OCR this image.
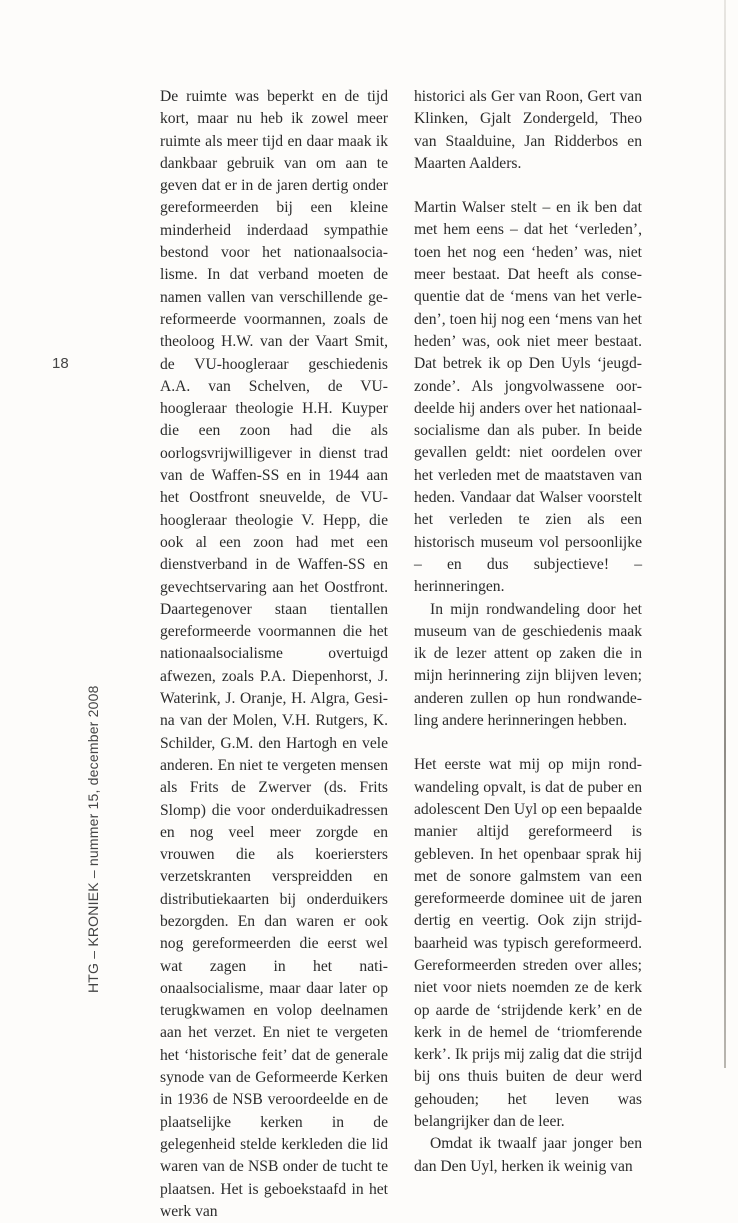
18
HTG – KRONIEK – nummer 15, december 2008

De ruimte was beperkt en de tijd kort, maar nu heb ik zowel meer ruimte als meer tijd en daar maak ik dankbaar gebruik van om aan te geven dat er in de jaren dertig onder gereformeerden bij een kleine minderheid inderdaad sympathie bestond voor het nationaalsocialisme. In dat verband moeten de namen vallen van verschillende gereformeerde voormannen, zoals de theoloog H.W. van der Vaart Smit, de VU-hoogleraar geschiedenis A.A. van Schelven, de VU-hoogleraar theologie H.H. Kuyper die een zoon had die als oorlogsvrijwilligever in dienst trad van de Waffen-SS en in 1944 aan het Oostfront sneuvelde, de VU-hoogleraar theologie V. Hepp, die ook al een zoon had met een dienstverband in de Waffen-SS en gevechtservaring aan het Oostfront. Daartegenover staan tientallen gereformeerde voormannen die het nationaalsocialisme overtuigd afwezen, zoals P.A. Diepenhorst, J. Waterink, J. Oranje, H. Algra, Gesina van der Molen, V.H. Rutgers, K. Schilder, G.M. den Hartogh en vele anderen. En niet te vergeten mensen als Frits de Zwerver (ds. Frits Slomp) die voor onderduikadressen en nog veel meer zorgde en vrouwen die als koeriersters verzetskranten verspreidden en distributiekaarten bij onderduikers bezorgden. En dan waren er ook nog gereformeerden die eerst wel wat zagen in het nationaalsocialisme, maar daar later op terugkwamen en volop deelnamen aan het verzet. En niet te vergeten het ‘historische feit’ dat de generale synode van de Geformeerde Kerken in 1936 de NSB veroordeelde en de plaatselijke kerken in de gelegenheid stelde kerkleden die lid waren van de NSB onder de tucht te plaatsen. Het is geboekstaafd in het werk van

historici als Ger van Roon, Gert van Klinken, Gjalt Zondergeld, Theo van Staalduine, Jan Ridderbos en Maarten Aalders.

Martin Walser stelt – en ik ben dat met hem eens – dat het ‘verleden’, toen het nog een ‘heden’ was, niet meer bestaat. Dat heeft als consequentie dat de ‘mens van het verleden’, toen hij nog een ‘mens van het heden’ was, ook niet meer bestaat. Dat betrek ik op Den Uyls ‘jeugdzonde’. Als jongvolwassene oordeelde hij anders over het nationaalsocialisme dan als puber. In beide gevallen geldt: niet oordelen over het verleden met de maatstaven van heden. Vandaar dat Walser voorstelt het verleden te zien als een historisch museum vol persoonlijke – en dus subjectieve! – herinneringen.

In mijn rondwandeling door het museum van de geschiedenis maak ik de lezer attent op zaken die in mijn herinnering zijn blijven leven; anderen zullen op hun rondwandeling andere herinneringen hebben.

Het eerste wat mij op mijn rondwandeling opvalt, is dat de puber en adolescent Den Uyl op een bepaalde manier altijd gereformeerd is gebleven. In het openbaar sprak hij met de sonore galmstem van een gereformeerde dominee uit de jaren dertig en veertig. Ook zijn strijdbaarheid was typisch gereformeerd. Gereformeerden streden over alles; niet voor niets noemden ze de kerk op aarde de ‘strijdende kerk’ en de kerk in de hemel de ‘triomferende kerk’. Ik prijs mij zalig dat die strijd bij ons thuis buiten de deur werd gehouden; het leven was belangrijker dan de leer.

Omdat ik twaalf jaar jonger ben dan Den Uyl, herken ik weinig van
